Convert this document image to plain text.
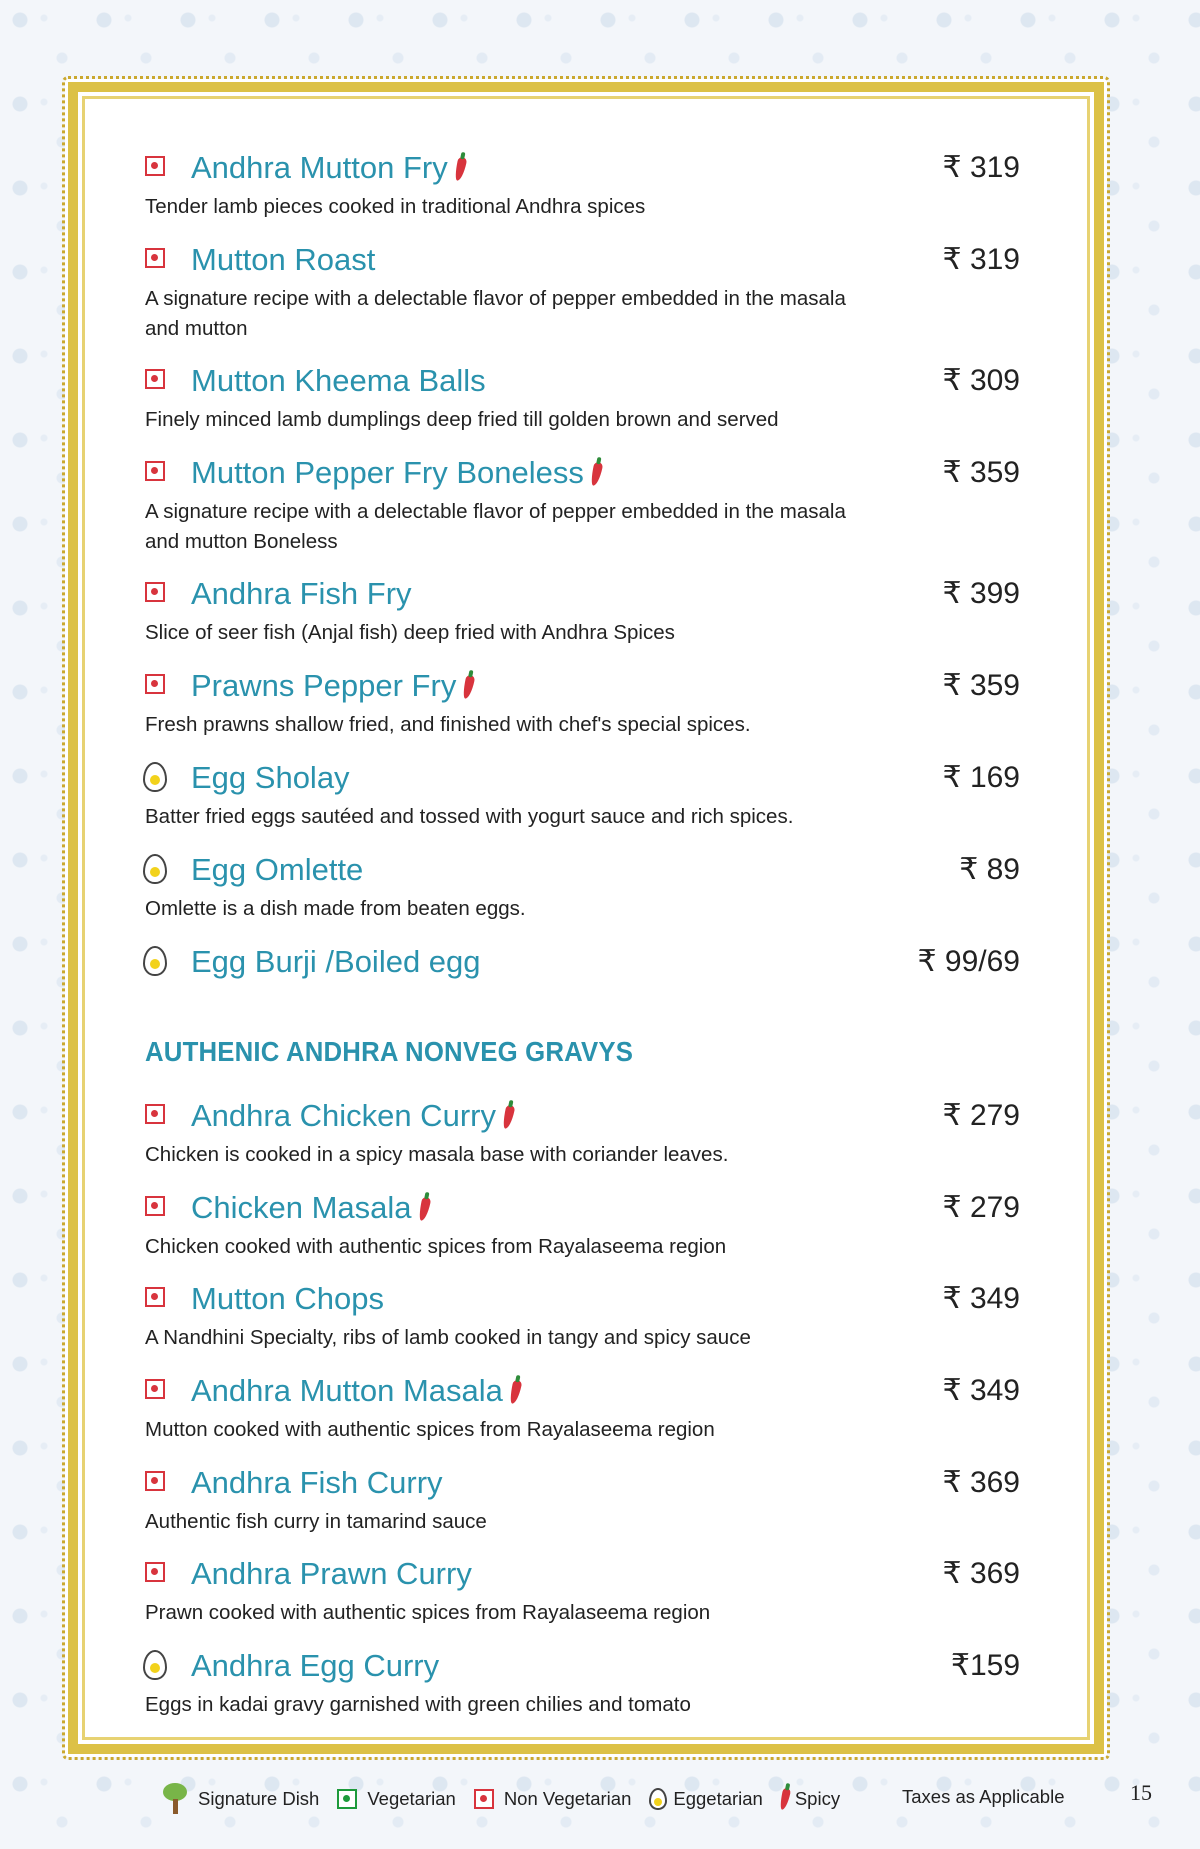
Andhra Mutton Fry	₹ 319
Tender lamb pieces cooked in traditional Andhra spices
Mutton Roast	₹ 319
A signature recipe with a delectable flavor of pepper embedded in the masala and mutton
Mutton Kheema Balls	₹ 309
Finely minced lamb dumplings deep fried till golden brown and served
Mutton Pepper Fry Boneless	₹ 359
A signature recipe with a delectable flavor of pepper embedded in the masala and mutton Boneless
Andhra Fish Fry	₹ 399
Slice of seer fish (Anjal fish) deep fried with Andhra Spices
Prawns Pepper Fry	₹ 359
Fresh prawns shallow fried, and finished with chef's special spices.
Egg Sholay	₹ 169
Batter fried eggs sautéed and tossed with yogurt sauce and rich spices.
Egg Omlette	₹ 89
Omlette is a dish made from beaten eggs.
Egg Burji /Boiled egg	₹ 99/69
AUTHENIC ANDHRA NONVEG GRAVYS
Andhra Chicken Curry	₹ 279
Chicken is cooked in a spicy masala base with coriander leaves.
Chicken Masala	₹ 279
Chicken cooked with authentic spices from Rayalaseema region
Mutton Chops	₹ 349
A Nandhini Specialty, ribs of lamb cooked in tangy and spicy sauce
Andhra Mutton Masala	₹ 349
Mutton cooked with authentic spices from Rayalaseema region
Andhra Fish Curry	₹ 369
Authentic fish curry in tamarind sauce
Andhra Prawn Curry	₹ 369
Prawn cooked with authentic spices from Rayalaseema region
Andhra Egg Curry	₹159
Eggs in kadai gravy garnished with green chilies and tomato
Signature Dish	Vegetarian	Non Vegetarian Eggetarian Spicy	Taxes as Applicable	15
